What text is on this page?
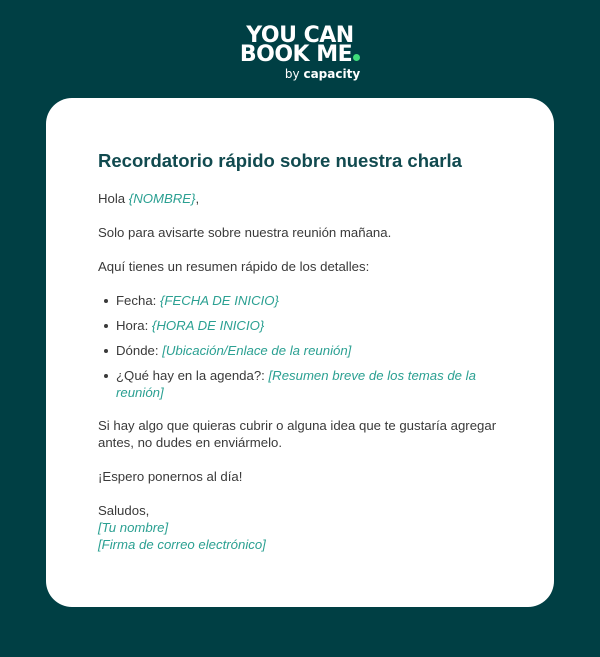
YOU CAN
BOOK ME
by capacity
Recordatorio rápido sobre nuestra charla

Hola {NOMBRE},

Solo para avisarte sobre nuestra reunión mañana.

Aquí tienes un resumen rápido de los detalles:

Fecha: {FECHA DE INICIO}
Hora: {HORA DE INICIO}
Dónde: [Ubicación/Enlace de la reunión]
¿Qué hay en la agenda?: [Resumen breve de los temas de la reunión]

Si hay algo que quieras cubrir o alguna idea que te gustaría agregar antes, no dudes en enviármelo.

¡Espero ponernos al día!

Saludos,
[Tu nombre]
[Firma de correo electrónico]
